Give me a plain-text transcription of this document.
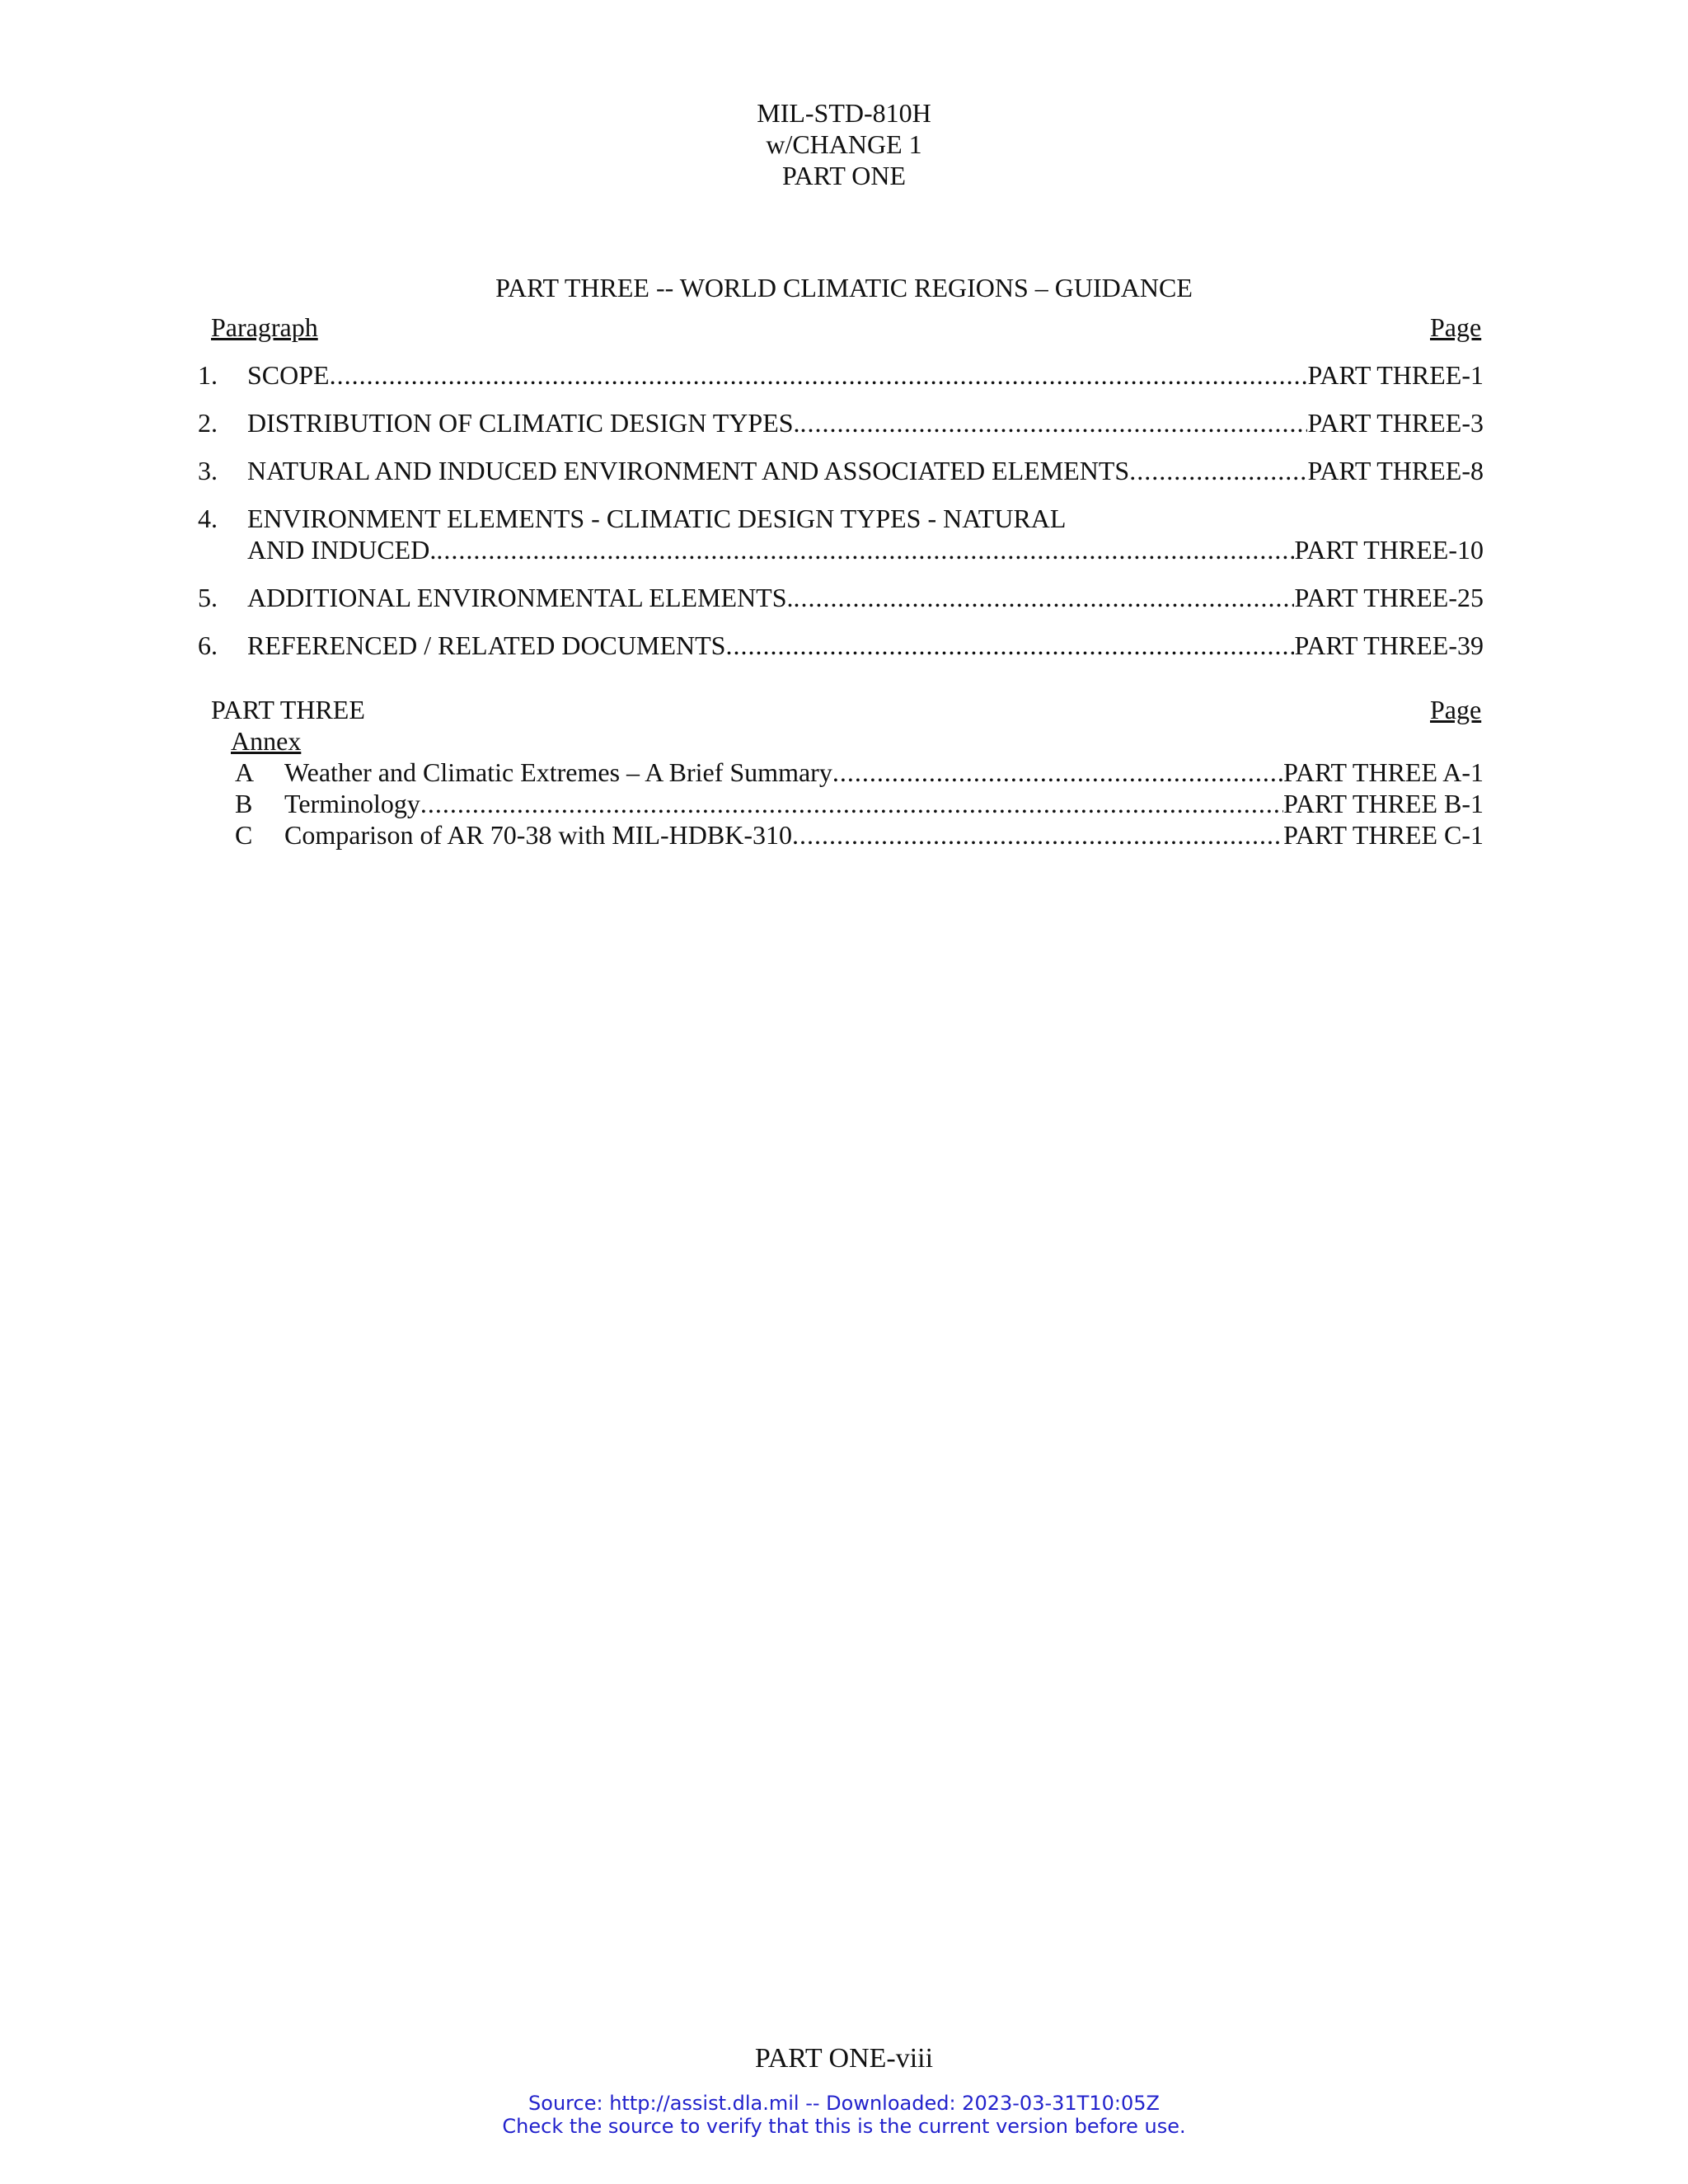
MIL-STD-810H
w/CHANGE 1
PART ONE
PART THREE -- WORLD CLIMATIC REGIONS – GUIDANCE
Paragraph	Page
1. SCOPE .....	PART THREE-1
2. DISTRIBUTION OF CLIMATIC DESIGN TYPES. .....	PART THREE-3
3. NATURAL AND INDUCED ENVIRONMENT AND ASSOCIATED ELEMENTS .....	PART THREE-8
4. ENVIRONMENT ELEMENTS - CLIMATIC DESIGN TYPES - NATURAL
AND INDUCED. .....	PART THREE-10
5. ADDITIONAL ENVIRONMENTAL ELEMENTS. .....	PART THREE-25
6. REFERENCED / RELATED DOCUMENTS .....	PART THREE-39
PART THREE	Page
Annex
A Weather and Climatic Extremes – A Brief Summary .....	PART THREE A-1
B Terminology .....	PART THREE B-1
C Comparison of AR 70-38 with MIL-HDBK-310 .....	PART THREE C-1
PART ONE-viii
Source: http://assist.dla.mil -- Downloaded: 2023-03-31T10:05Z
Check the source to verify that this is the current version before use.
